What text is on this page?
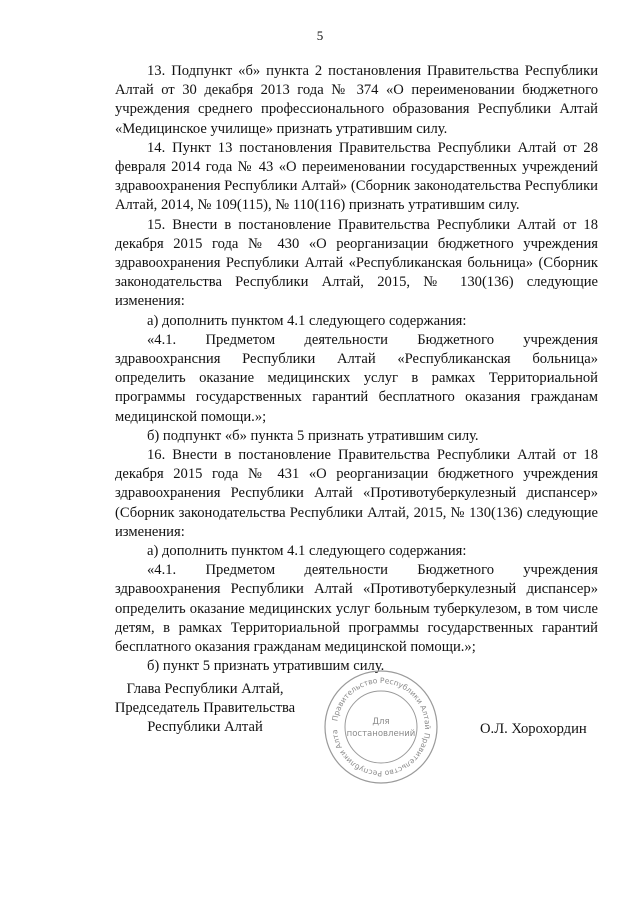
5

13. Подпункт «б» пункта 2 постановления Правительства Республики Алтай от 30 декабря 2013 года № 374 «О переименовании бюджетного учреждения среднего профессионального образования Республики Алтай «Медицинское училище» признать утратившим силу.

14. Пункт 13 постановления Правительства Республики Алтай от 28 февраля 2014 года № 43 «О переименовании государственных учреждений здравоохранения Республики Алтай» (Сборник законодательства Республики Алтай, 2014, № 109(115), № 110(116) признать утратившим силу.

15. Внести в постановление Правительства Республики Алтай от 18 декабря 2015 года № 430 «О реорганизации бюджетного учреждения здравоохранения Республики Алтай «Республиканская больница» (Сборник законодательства Республики Алтай, 2015, № 130(136) следующие изменения:

а) дополнить пунктом 4.1 следующего содержания:

«4.1. Предметом деятельности Бюджетного учреждения здравоохрансния Республики Алтай «Республиканская больница» определить оказание медицинских услуг в рамках Территориальной программы государственных гарантий бесплатного оказания гражданам медицинской помощи.»;

б) подпункт «б» пункта 5 признать утратившим силу.

16. Внести в постановление Правительства Республики Алтай от 18 декабря 2015 года № 431 «О реорганизации бюджетного учреждения здравоохранения Республики Алтай «Противотуберкулезный диспансер» (Сборник законодательства Республики Алтай, 2015, № 130(136) следующие изменения:

а) дополнить пунктом 4.1 следующего содержания:

«4.1. Предметом деятельности Бюджетного учреждения здравоохранения Республики Алтай «Противотуберкулезный диспансер» определить оказание медицинских услуг больным туберкулезом, в том числе детям, в рамках Территориальной программы государственных гарантий бесплатного оказания гражданам медицинской помощи.»;

б) пункт 5 признать утратившим силу.

Глава Республики Алтай,
Председатель Правительства
Республики Алтай
Правительство Республики Алтай
Правительство Республики Алта
Для
постановлений	О.Л. Хорохордин
